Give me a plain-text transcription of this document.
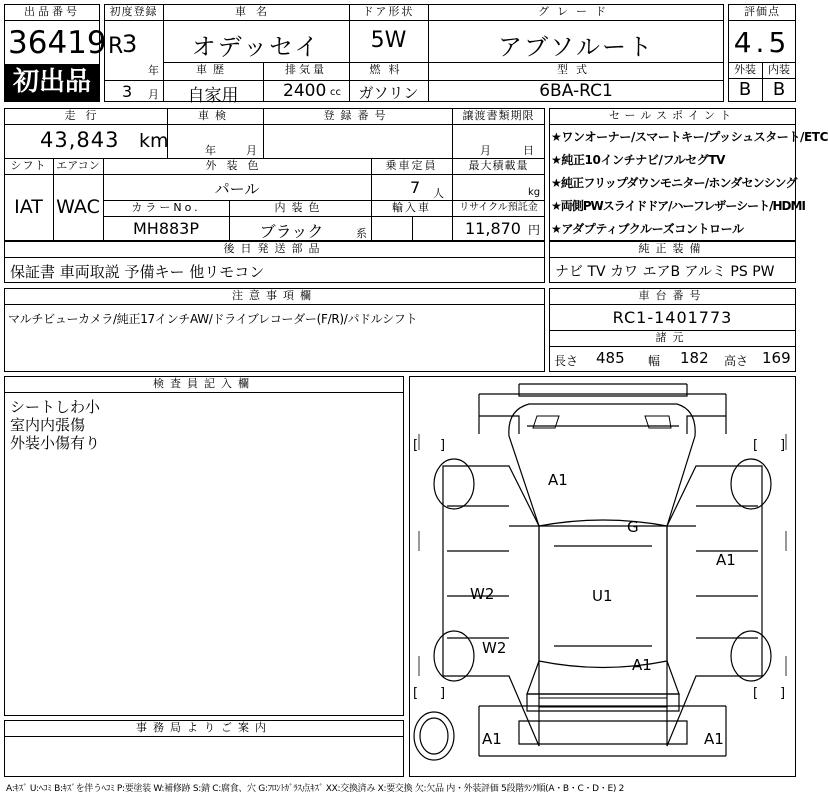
出品番号
36419
初出品
初度登録
R
3
年
3 月
車名
オデッセイ
ドア形状
5W
グレード
アブソルート
車歴
自家用
排気量
2400 cc
燃料
ガソリン
型式
6BA-RC1
評価点
4.5
外装	内装
B	B
走行
43,843 km
車検
年	月
登録番号	譲渡書類期限
月	日
シフト
IAT
エアコン
WAC
外装色
パール
乗車定員
7 人
最大積載量
kg
カラーNo.
MH883P
内装色
ブラック	系
輸入車	リサイクル預託金
11,870 円
セールスポイント
★ワンオーナー/スマートキー/プッシュスタート/ETC
★純正10インチナビ/フルセグTV
★純正フリップダウンモニター/ホンダセンシング
★両側PWスライドドア/ハーフレザーシート/HDMI
★アダプティブクルーズコントロール
後日発送部品
保証書 車両取説 予備キー 他リモコン
純正装備
ナビ TV カワ エアB アルミ PS PW
注意事項欄
マルチビューカメラ/純正17インチAW/ドライブレコーダー(F/R)/パドルシフト
車台番号
RC1-1401773
諸元
長さ 485 幅 182 高さ 169
検査員記入欄
シートしわ小
室内内張傷
外装小傷有り
事務局よりご案内
[ ]	[ ]
[ ]	[ ]
A1
G
A1
W2	U1
W2
A1
A1	A1
A:ｷｽﾞ U:ﾍｺﾐ B:ｷｽﾞを伴うﾍｺﾐ P:要塗装 W:補修跡 S:錆 C:腐食、穴 G:ﾌﾛﾝﾄｶﾞﾗｽ点ｷｽﾞ XX:交換済み X:要交換 欠:欠品 内・外装評価 5段階ﾗﾝｸ順(A・B・C・D・E) 2
